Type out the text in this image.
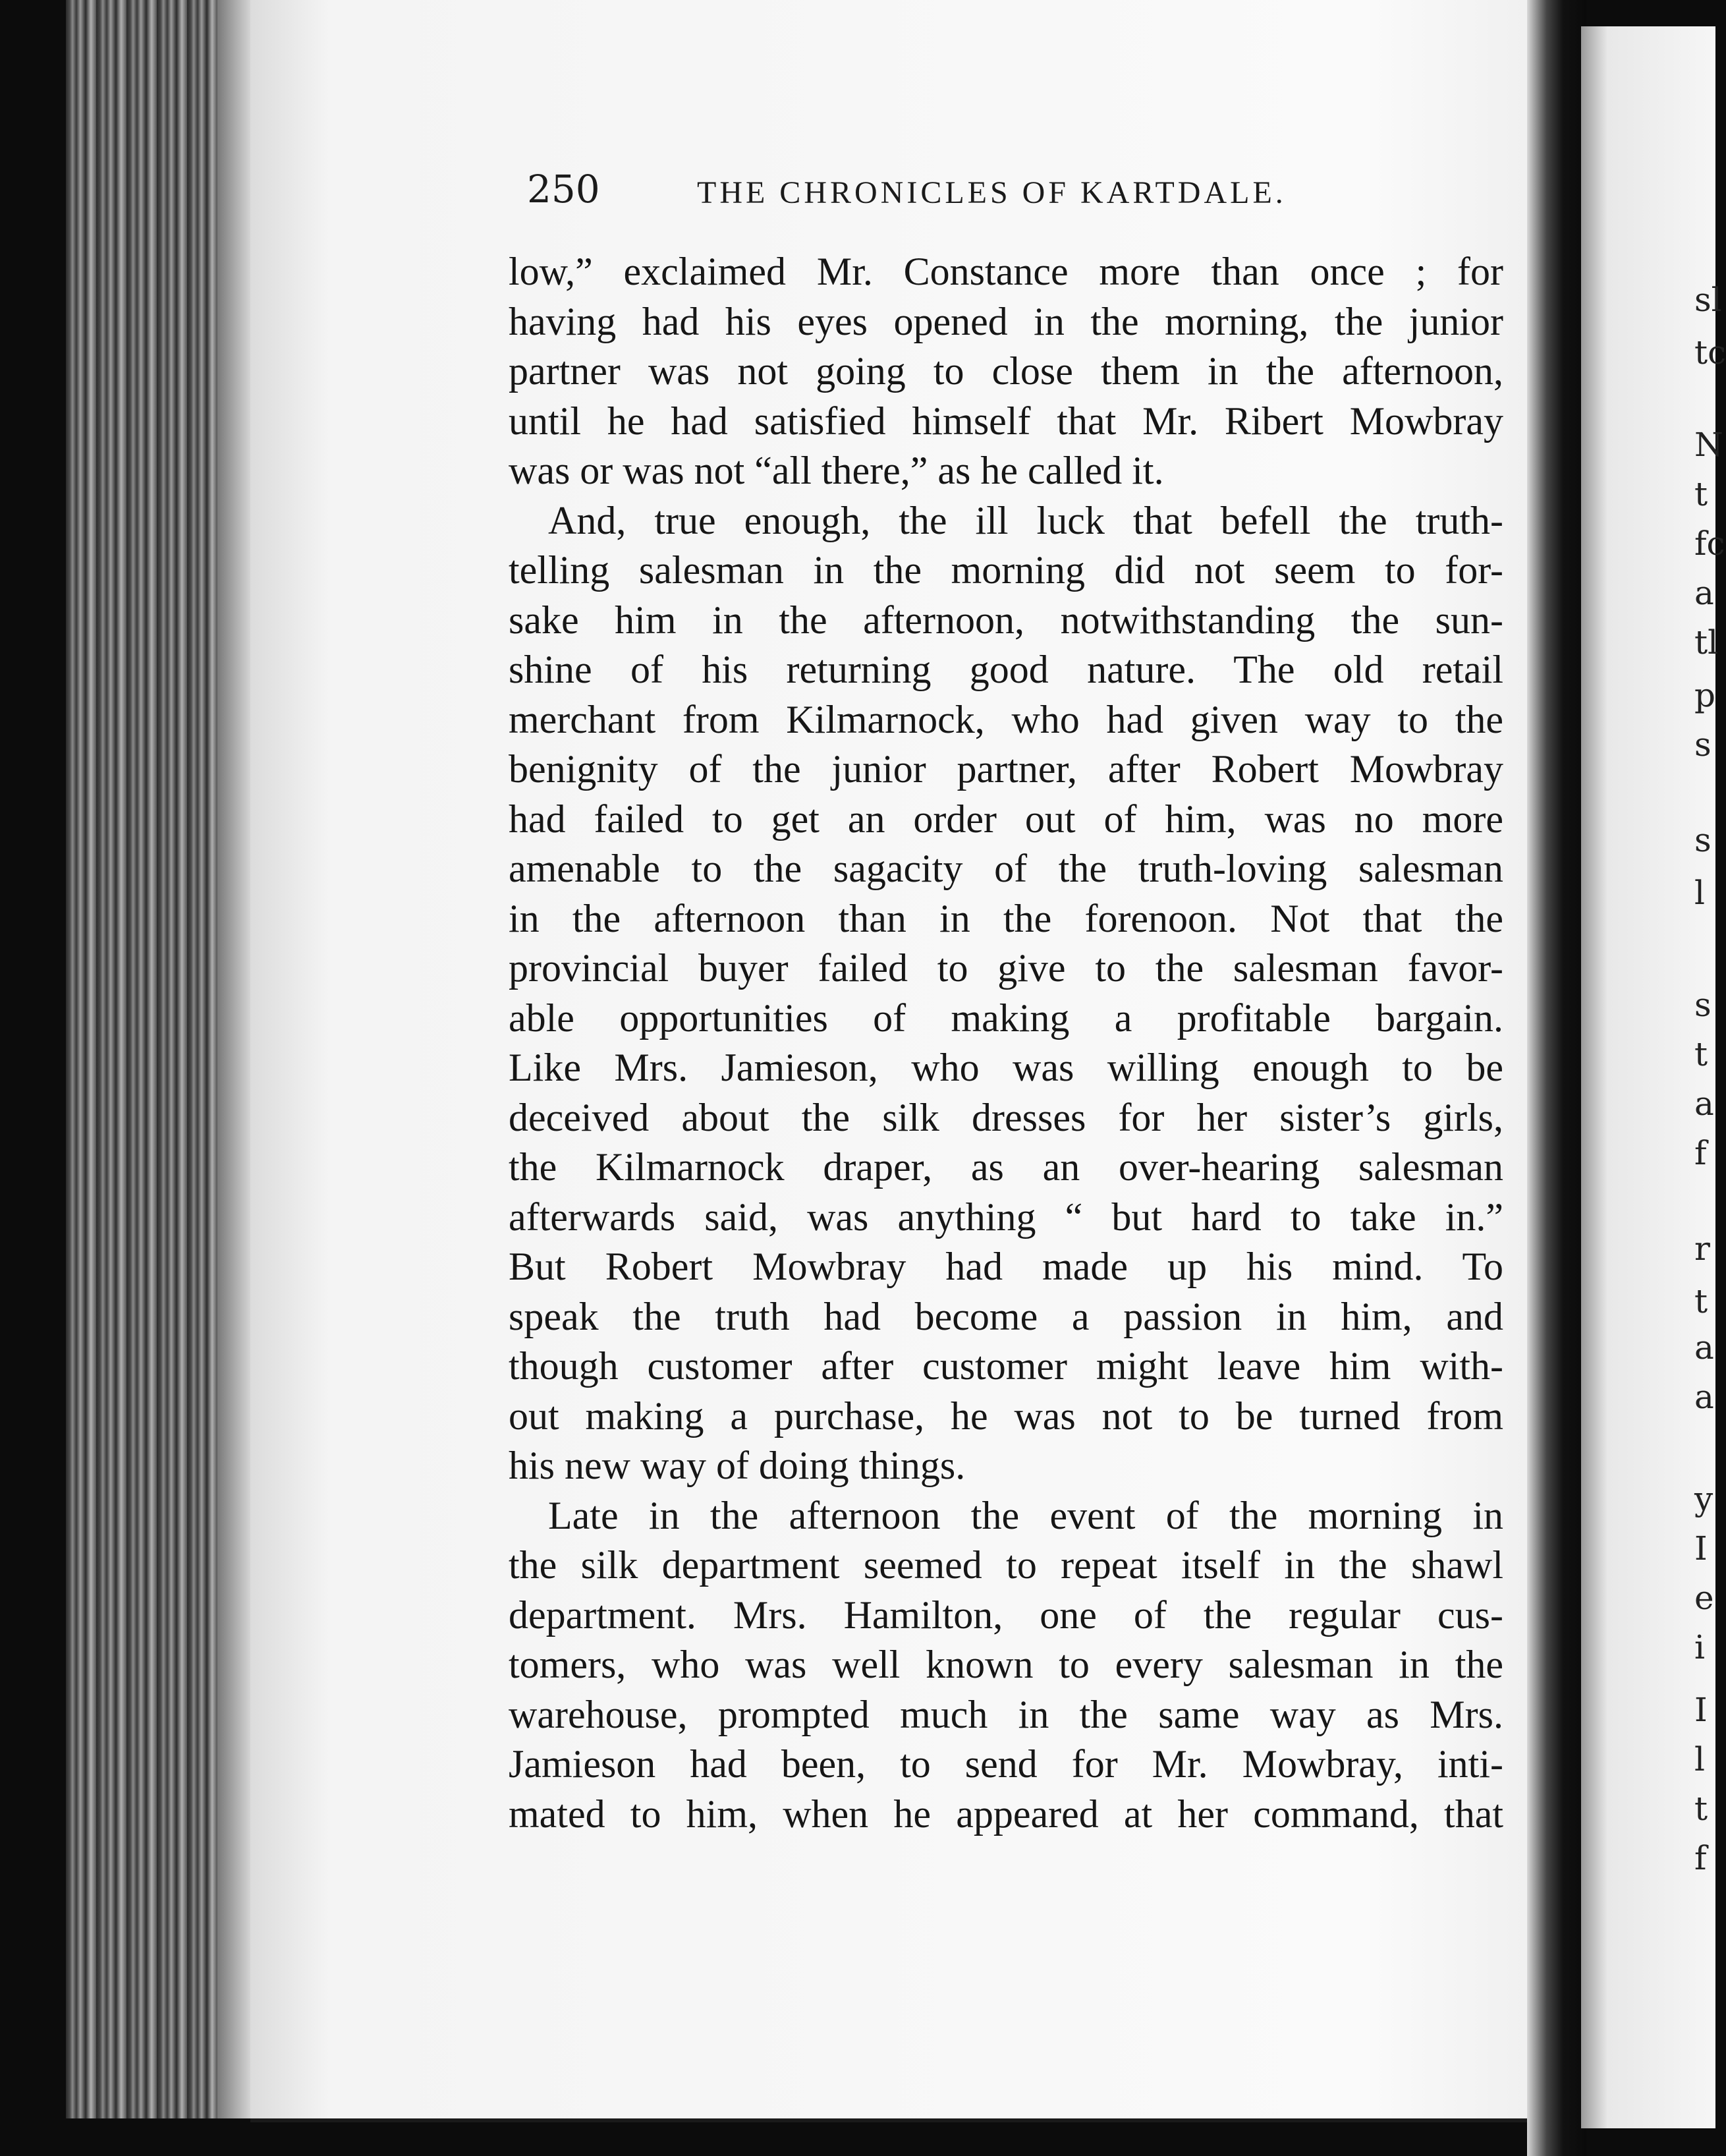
250	THE CHRONICLES OF KARTDALE.
low,” exclaimed Mr. Constance more than once ; for
having had his eyes opened in the morning, the junior
partner was not going to close them in the afternoon,
until he had satisfied himself that Mr. Ribert Mowbray
was or was not “all there,” as he called it.
And, true enough, the ill luck that befell the truth-
telling salesman in the morning did not seem to for-
sake him in the afternoon, notwithstanding the sun-
shine of his returning good nature. The old retail
merchant from Kilmarnock, who had given way to the
benignity of the junior partner, after Robert Mowbray
had failed to get an order out of him, was no more
amenable to the sagacity of the truth-loving salesman
in the afternoon than in the forenoon. Not that the
provincial buyer failed to give to the salesman favor-
able opportunities of making a profitable bargain.
Like Mrs. Jamieson, who was willing enough to be
deceived about the silk dresses for her sister’s girls,
the Kilmarnock draper, as an over-hearing salesman
afterwards said, was anything “ but hard to take in.”
But Robert Mowbray had made up his mind. To
speak the truth had become a passion in him, and
though customer after customer might leave him with-
out making a purchase, he was not to be turned from
his new way of doing things.
Late in the afternoon the event of the morning in
the silk department seemed to repeat itself in the shawl
department. Mrs. Hamilton, one of the regular cus-
tomers, who was well known to every salesman in the
warehouse, prompted much in the same way as Mrs.
Jamieson had been, to send for Mr. Mowbray, inti-
mated to him, when he appeared at her command, that
sl
tc
N
t
fc
a
tl
p
s
s
l
s
t
a
f
r
t
a
a
y
I
e
i
I
l
t
f
